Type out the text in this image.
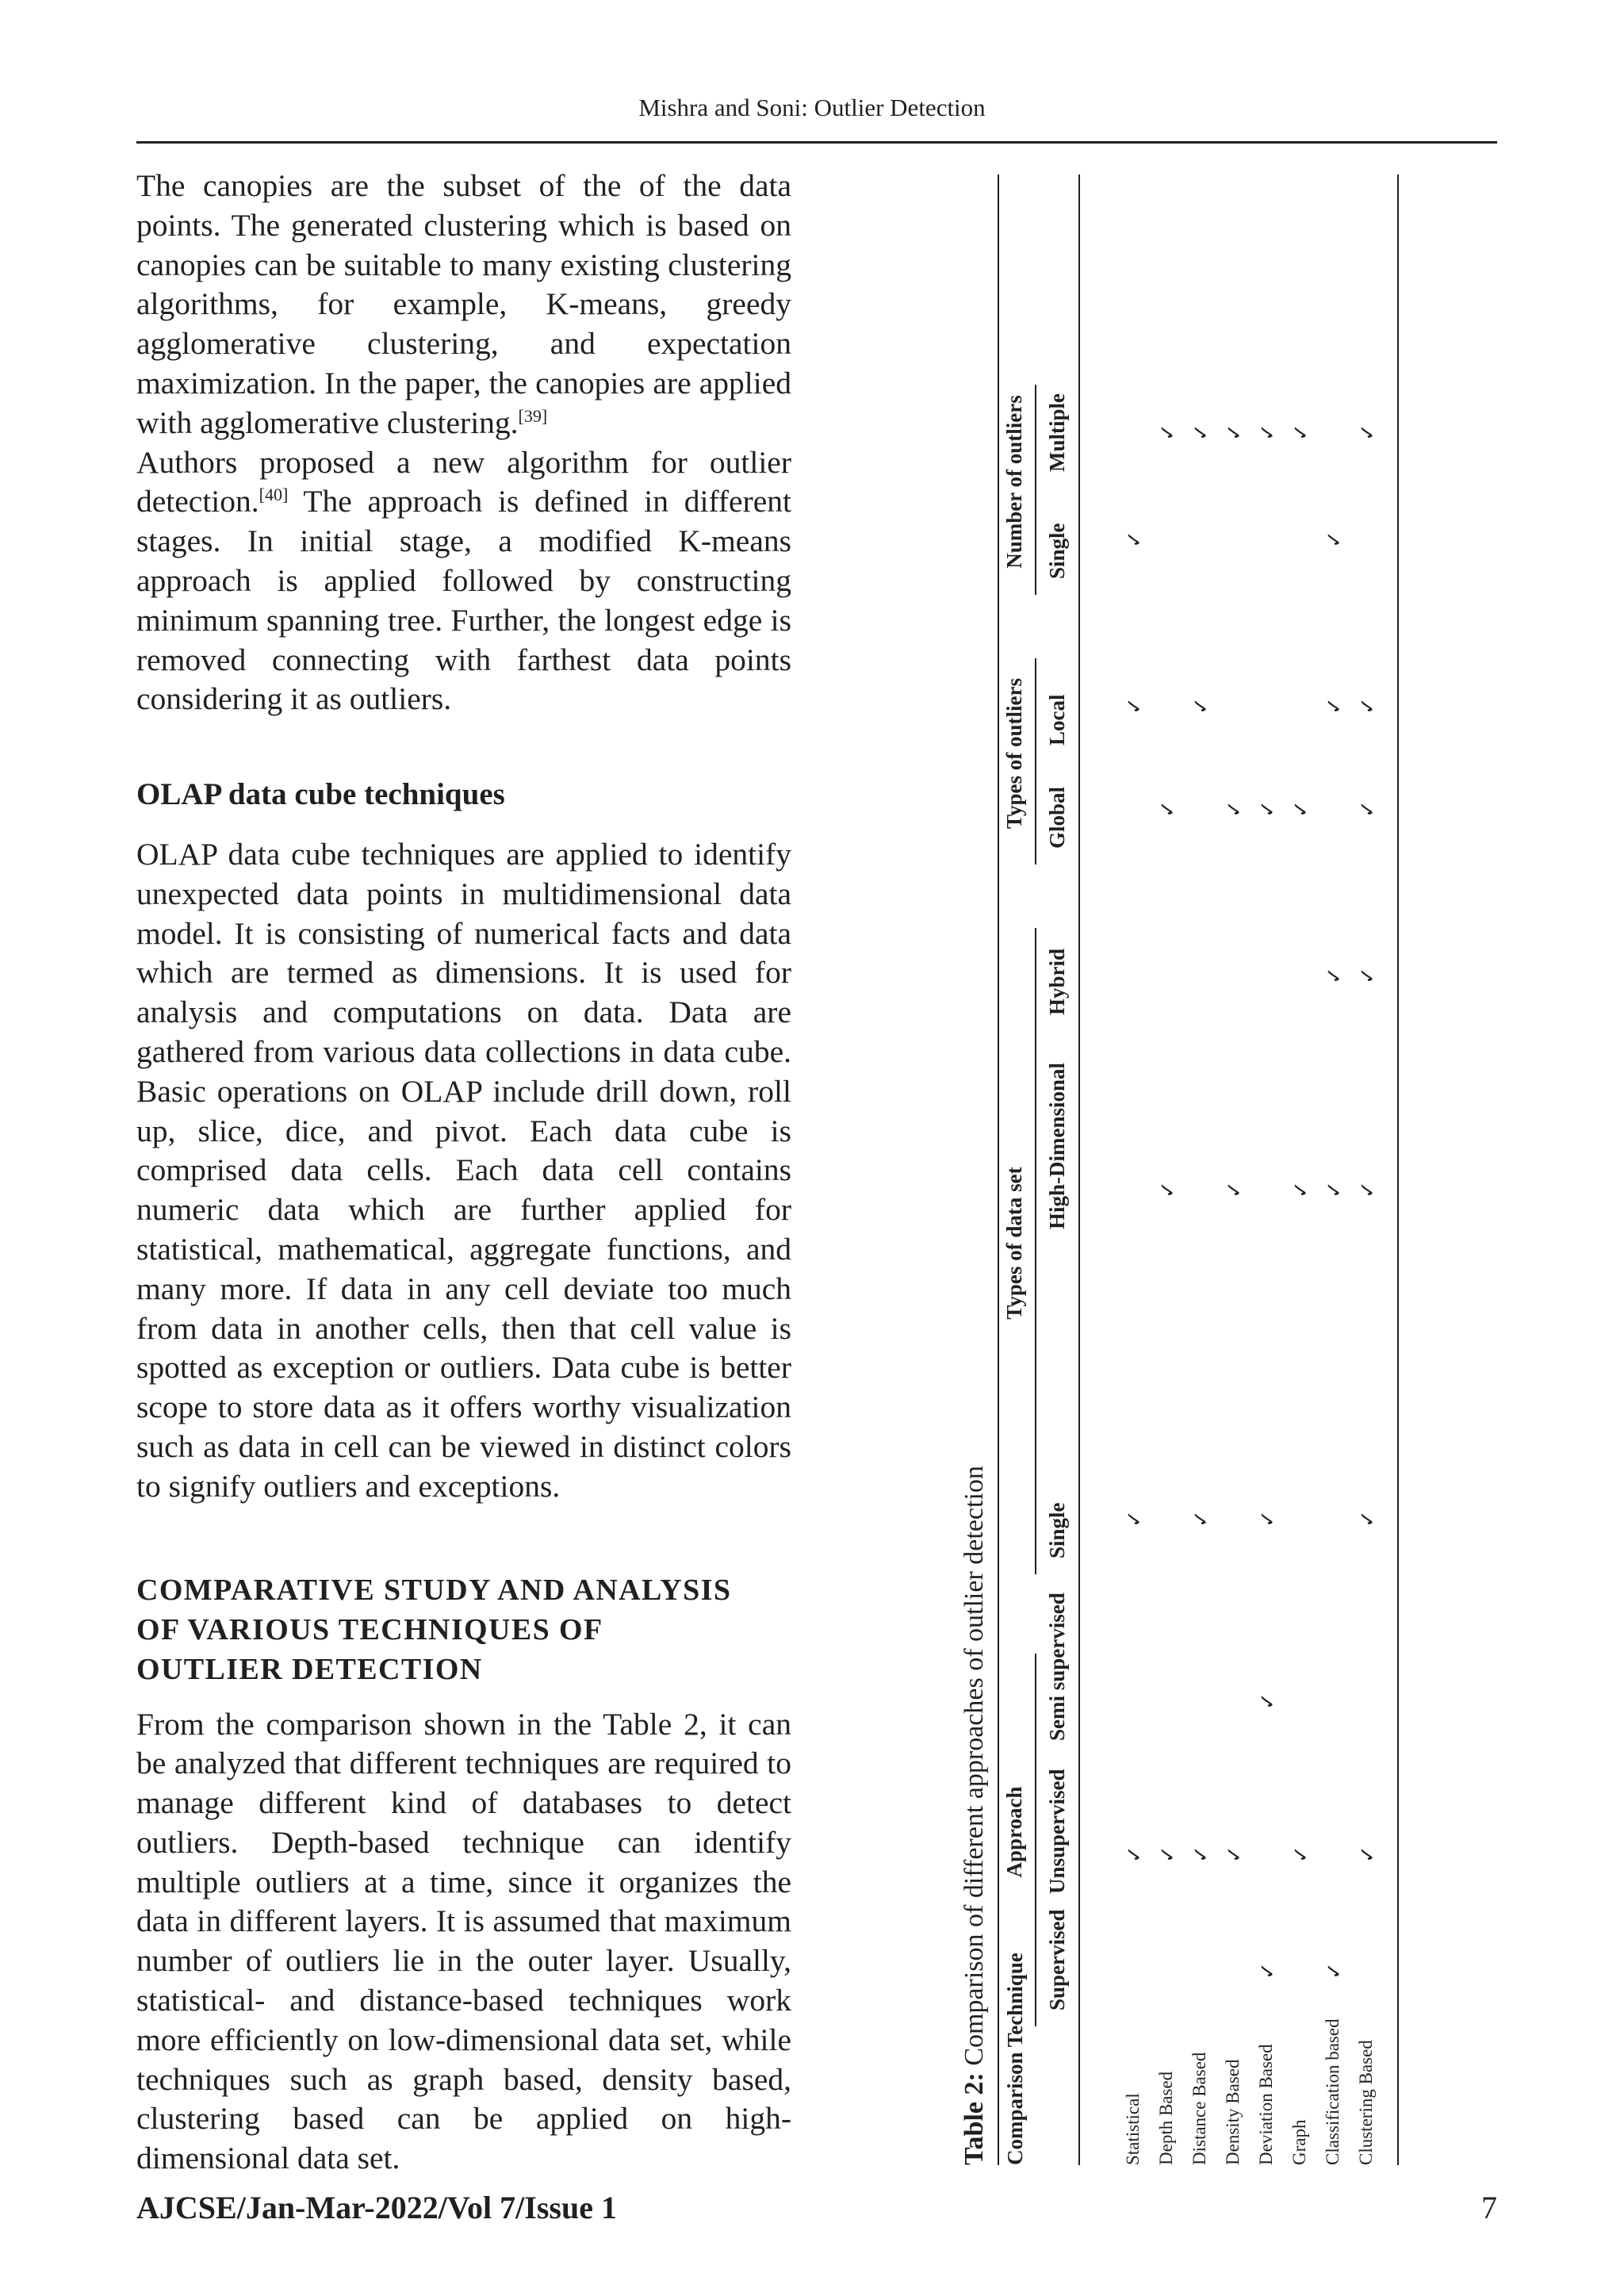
Mishra and Soni: Outlier Detection

The canopies are the subset of the of the data points. The generated clustering which is based on canopies can be suitable to many existing clustering algorithms, for example, K-means, greedy agglomerative clustering, and expectation maximization. In the paper, the canopies are applied with agglomerative clustering.[39]

Authors proposed a new algorithm for outlier detection.[40] The approach is defined in different stages. In initial stage, a modified K-means approach is applied followed by constructing minimum spanning tree. Further, the longest edge is removed connecting with farthest data points considering it as outliers.

OLAP data cube techniques

OLAP data cube techniques are applied to identify unexpected data points in multidimensional data model. It is consisting of numerical facts and data which are termed as dimensions. It is used for analysis and computations on data. Data are gathered from various data collections in data cube. Basic operations on OLAP include drill down, roll up, slice, dice, and pivot. Each data cube is comprised data cells. Each data cell contains numeric data which are further applied for statistical, mathematical, aggregate functions, and many more. If data in any cell deviate too much from data in another cells, then that cell value is spotted as exception or outliers. Data cube is better scope to store data as it offers worthy visualization such as data in cell can be viewed in distinct colors to signify outliers and exceptions.

COMPARATIVE STUDY AND ANALYSIS
OF VARIOUS TECHNIQUES OF
OUTLIER DETECTION

From the comparison shown in the Table 2, it can be analyzed that different techniques are required to manage different kind of databases to detect outliers. Depth-based technique can identify multiple outliers at a time, since it organizes the data in different layers. It is assumed that maximum number of outliers lie in the outer layer. Usually, statistical- and distance-based techniques work more efficiently on low-dimensional data set, while techniques such as graph based, density based, clustering based can be applied on high-dimensional data set.	Table 2: Comparison of different approaches of outlier detection Comparison Technique
Approach
Types of data set
Types of outliers
Number of outliers
Supervised
Unsupervised
Semi supervised
Single
High-Dimensional
Hybrid
Global
Local
Single
Multiple
Statistical
✓
✓
✓
✓
Depth Based
✓
✓
✓
✓
Distance Based
✓
✓
✓
✓
Density Based
✓
✓
✓
✓
Deviation Based
✓
✓
✓
✓
✓
Graph
✓
✓
✓
✓
Classification based
✓
✓
✓
✓
✓
Clustering Based
✓
✓
✓
✓
✓
✓
✓
AJCSE/Jan-Mar-2022/Vol 7/Issue 1	7
